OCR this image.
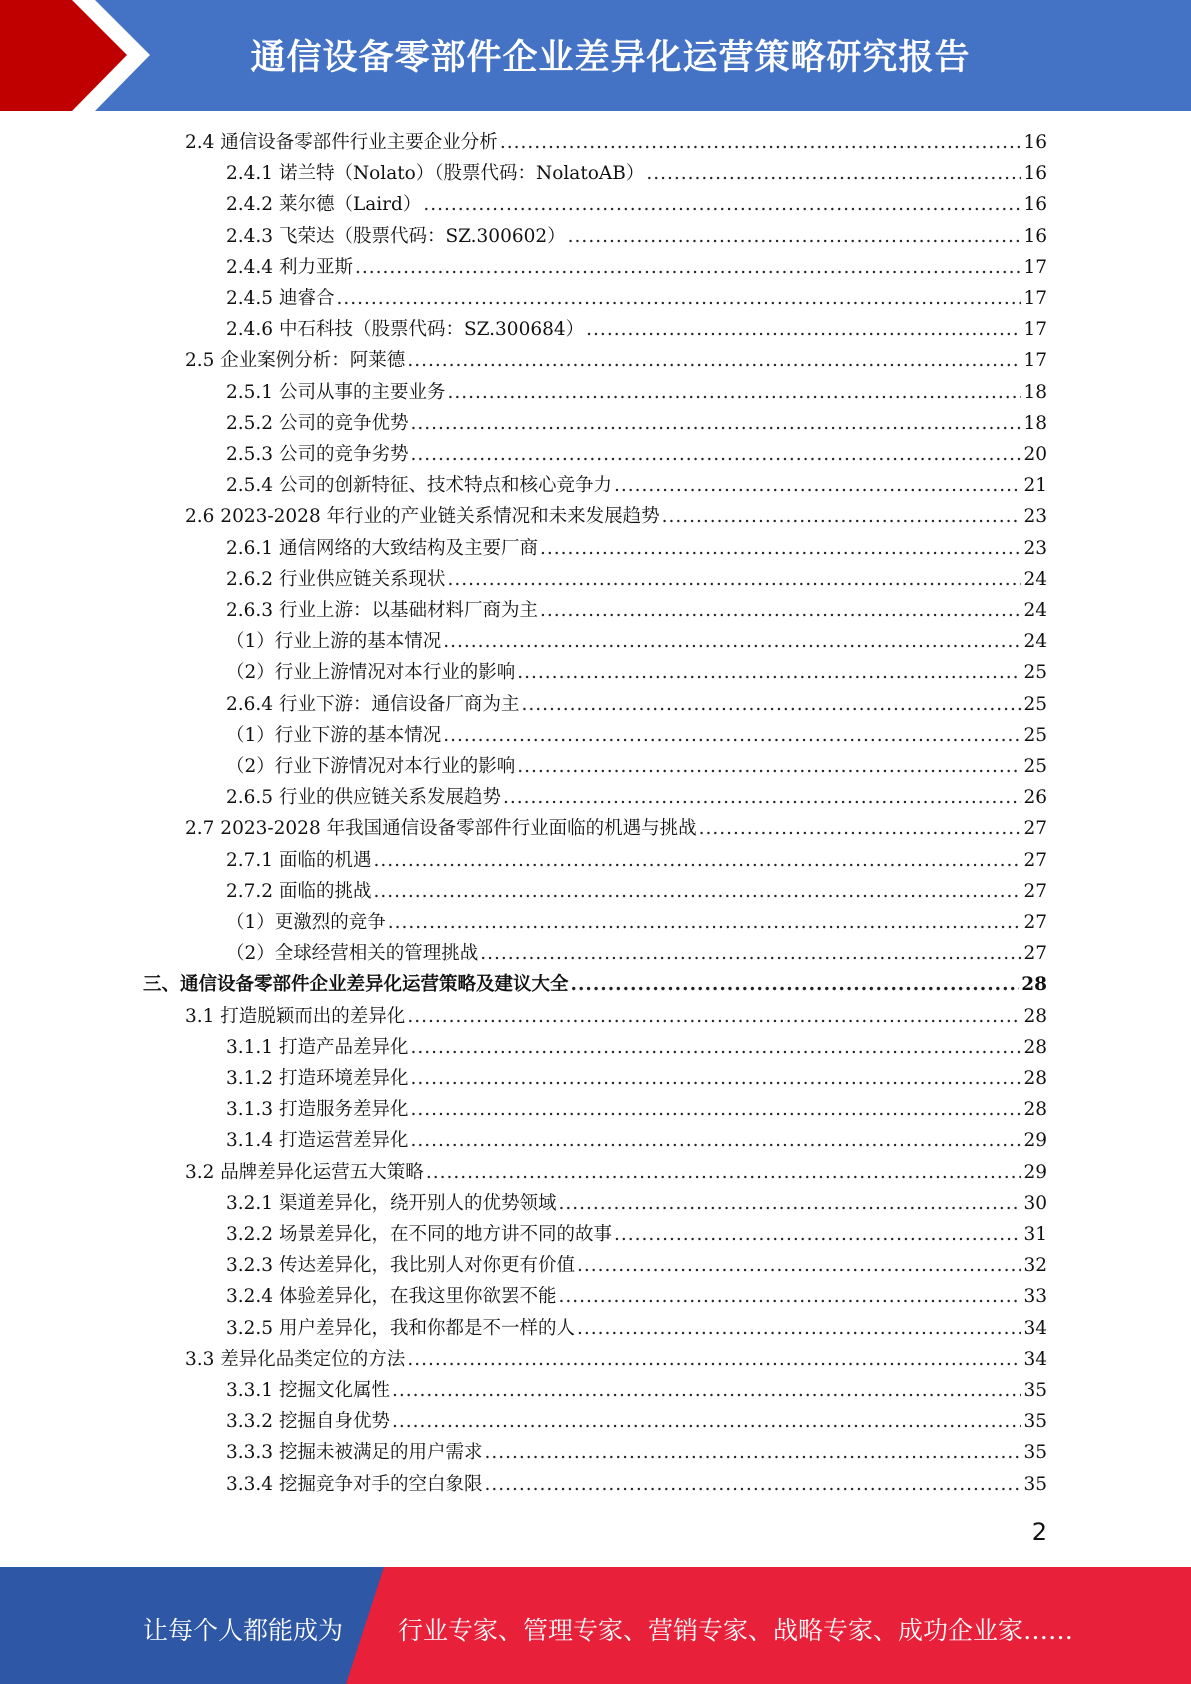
通信设备零部件企业差异化运营策略研究报告
2.4 通信设备零部件行业主要企业分析 .....	16
2.4.1 诺兰特（Nolato）（股票代码：NolatoAB） .....	16
2.4.2 莱尔德（Laird） .....	16
2.4.3 飞荣达（股票代码：SZ.300602） .....	16
2.4.4 利力亚斯 .....	17
2.4.5 迪睿合 .....	17
2.4.6 中石科技（股票代码：SZ.300684） .....	17
2.5 企业案例分析：阿莱德 .....	17
2.5.1 公司从事的主要业务 .....	18
2.5.2 公司的竞争优势 .....	18
2.5.3 公司的竞争劣势 .....	20
2.5.4 公司的创新特征、技术特点和核心竞争力 .....	21
2.6 2023-2028 年行业的产业链关系情况和未来发展趋势 .....	23
2.6.1 通信网络的大致结构及主要厂商 .....	23
2.6.2 行业供应链关系现状 .....	24
2.6.3 行业上游：以基础材料厂商为主 .....	24
（1）行业上游的基本情况 .....	24
（2）行业上游情况对本行业的影响 .....	25
2.6.4 行业下游：通信设备厂商为主 .....	25
（1）行业下游的基本情况 .....	25
（2）行业下游情况对本行业的影响 .....	25
2.6.5 行业的供应链关系发展趋势 .....	26
2.7 2023-2028 年我国通信设备零部件行业面临的机遇与挑战 .....	27
2.7.1 面临的机遇 .....	27
2.7.2 面临的挑战 .....	27
（1）更激烈的竞争 .....	27
（2）全球经营相关的管理挑战 .....	27
三、通信设备零部件企业差异化运营策略及建议大全 .....	28
3.1 打造脱颖而出的差异化 .....	28
3.1.1 打造产品差异化 .....	28
3.1.2 打造环境差异化 .....	28
3.1.3 打造服务差异化 .....	28
3.1.4 打造运营差异化 .....	29
3.2 品牌差异化运营五大策略 .....	29
3.2.1 渠道差异化，绕开别人的优势领域 .....	30
3.2.2 场景差异化，在不同的地方讲不同的故事 .....	31
3.2.3 传达差异化，我比别人对你更有价值 .....	32
3.2.4 体验差异化，在我这里你欲罢不能 .....	33
3.2.5 用户差异化，我和你都是不一样的人 .....	34
3.3 差异化品类定位的方法 .....	34
3.3.1 挖掘文化属性 .....	35
3.3.2 挖掘自身优势 .....	35
3.3.3 挖掘未被满足的用户需求 .....	35
3.3.4 挖掘竞争对手的空白象限 .....	35
2
让每个人都能成为 行业专家、管理专家、营销专家、战略专家、成功企业家……
